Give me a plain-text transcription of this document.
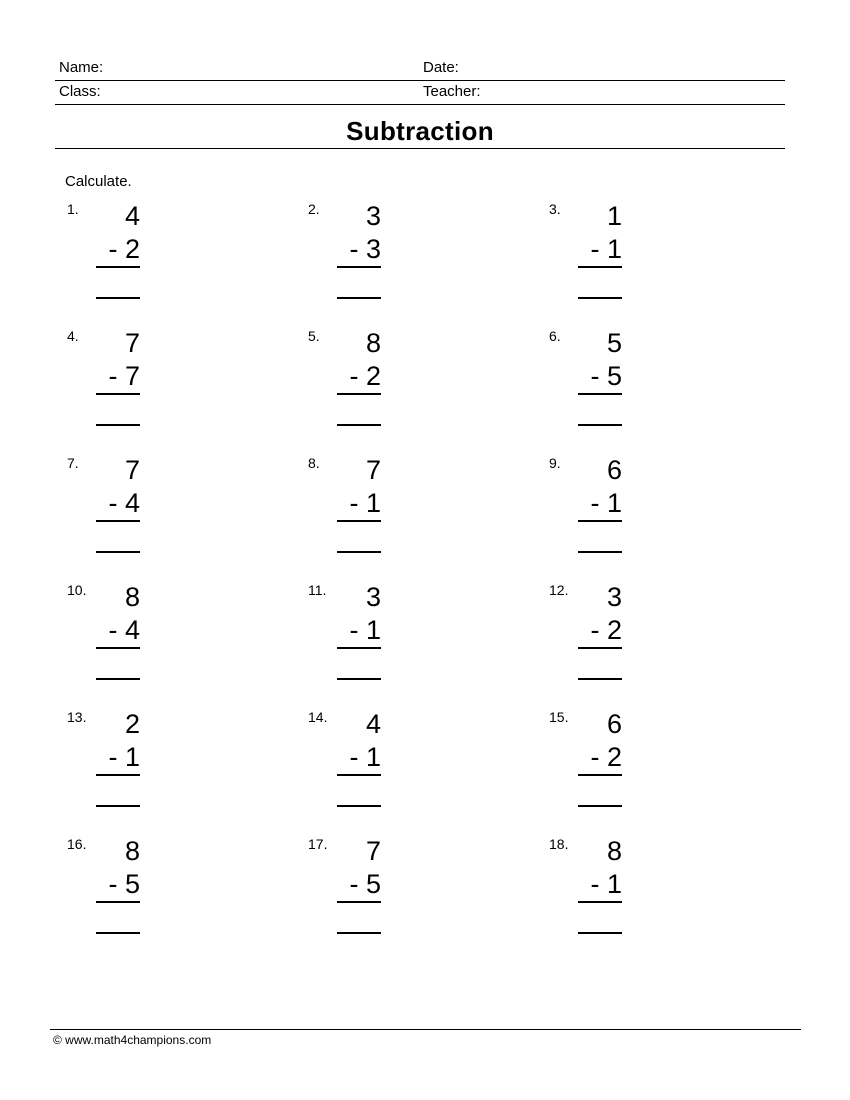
Name:	Date:
Class:	Teacher:
Subtraction
Calculate.
1.	4
- 2
2.	3
- 3
3.	1
- 1
4.	7
- 7
5.	8
- 2
6.	5
- 5
7.	7
- 4
8.	7
- 1
9.	6
- 1
10.	8
- 4
11.	3
- 1
12.	3
- 2
13.	2
- 1
14.	4
- 1
15.	6
- 2
16.	8
- 5
17.	7
- 5
18.	8
- 1
© www.math4champions.com
